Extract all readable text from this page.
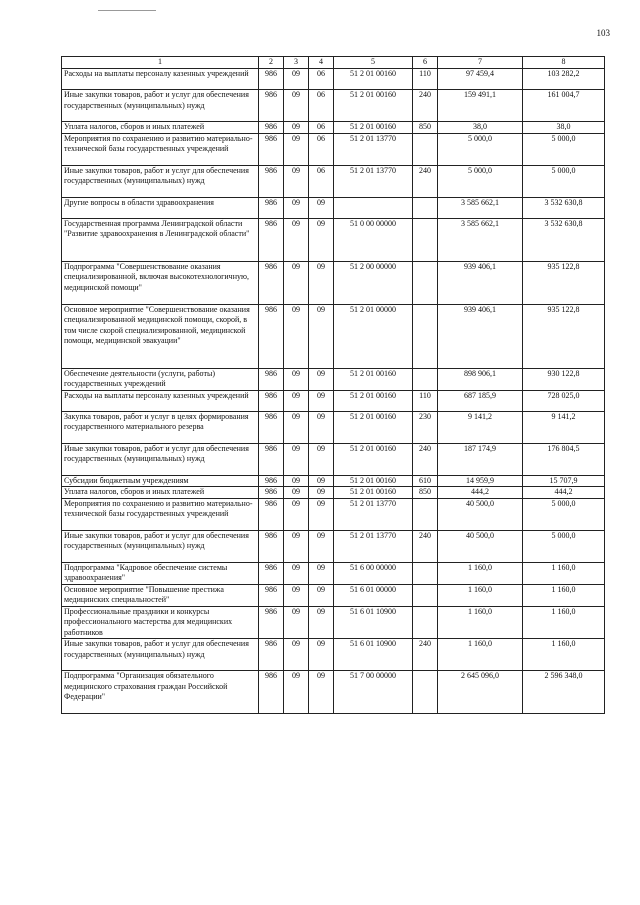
103
1	2	3	4	5	6	7	8
Расходы на выплаты персоналу казенных учреждений	986	09	06	51 2 01 00160	110	97 459,4	103 282,2
Иные закупки товаров, работ и услуг для обеспечения государственных (муниципальных) нужд	986	09	06	51 2 01 00160	240	159 491,1	161 004,7
Уплата налогов, сборов и иных платежей	986	09	06	51 2 01 00160	850	38,0	38,0
Мероприятия по сохранению и развитию материально-технической базы государственных учреждений	986	09	06	51 2 01 13770		5 000,0	5 000,0
Иные закупки товаров, работ и услуг для обеспечения государственных (муниципальных) нужд	986	09	06	51 2 01 13770	240	5 000,0	5 000,0
Другие вопросы в области здравоохранения	986	09	09			3 585 662,1	3 532 630,8
Государственная программа Ленинградской области "Развитие здравоохранения в Ленинградской области"	986	09	09	51 0 00 00000		3 585 662,1	3 532 630,8
Подпрограмма "Совершенствование оказания специализированной, включая высокотехнологичную, медицинской помощи"	986	09	09	51 2 00 00000		939 406,1	935 122,8
Основное мероприятие "Совершенствование оказания специализированной медицинской помощи, скорой, в том числе скорой специализированной, медицинской помощи, медицинской эвакуации"	986	09	09	51 2 01 00000		939 406,1	935 122,8
Обеспечение деятельности (услуги, работы) государственных учреждений	986	09	09	51 2 01 00160		898 906,1	930 122,8
Расходы на выплаты персоналу казенных учреждений	986	09	09	51 2 01 00160	110	687 185,9	728 025,0
Закупка товаров, работ и услуг в целях формирования государственного материального резерва	986	09	09	51 2 01 00160	230	9 141,2	9 141,2
Иные закупки товаров, работ и услуг для обеспечения государственных (муниципальных) нужд	986	09	09	51 2 01 00160	240	187 174,9	176 804,5
Субсидии бюджетным учреждениям	986	09	09	51 2 01 00160	610	14 959,9	15 707,9
Уплата налогов, сборов и иных платежей	986	09	09	51 2 01 00160	850	444,2	444,2
Мероприятия по сохранению и развитию материально-технической базы государственных учреждений	986	09	09	51 2 01 13770		40 500,0	5 000,0
Иные закупки товаров, работ и услуг для обеспечения государственных (муниципальных) нужд	986	09	09	51 2 01 13770	240	40 500,0	5 000,0
Подпрограмма "Кадровое обеспечение системы здравоохранения"	986	09	09	51 6 00 00000		1 160,0	1 160,0
Основное мероприятие "Повышение престижа медицинских специальностей"	986	09	09	51 6 01 00000		1 160,0	1 160,0
Профессиональные праздники и конкурсы профессионального мастерства для медицинских работников	986	09	09	51 6 01 10900		1 160,0	1 160,0
Иные закупки товаров, работ и услуг для обеспечения государственных (муниципальных) нужд	986	09	09	51 6 01 10900	240	1 160,0	1 160,0
Подпрограмма "Организация обязательного медицинского страхования граждан Российской Федерации"	986	09	09	51 7 00 00000		2 645 096,0	2 596 348,0
